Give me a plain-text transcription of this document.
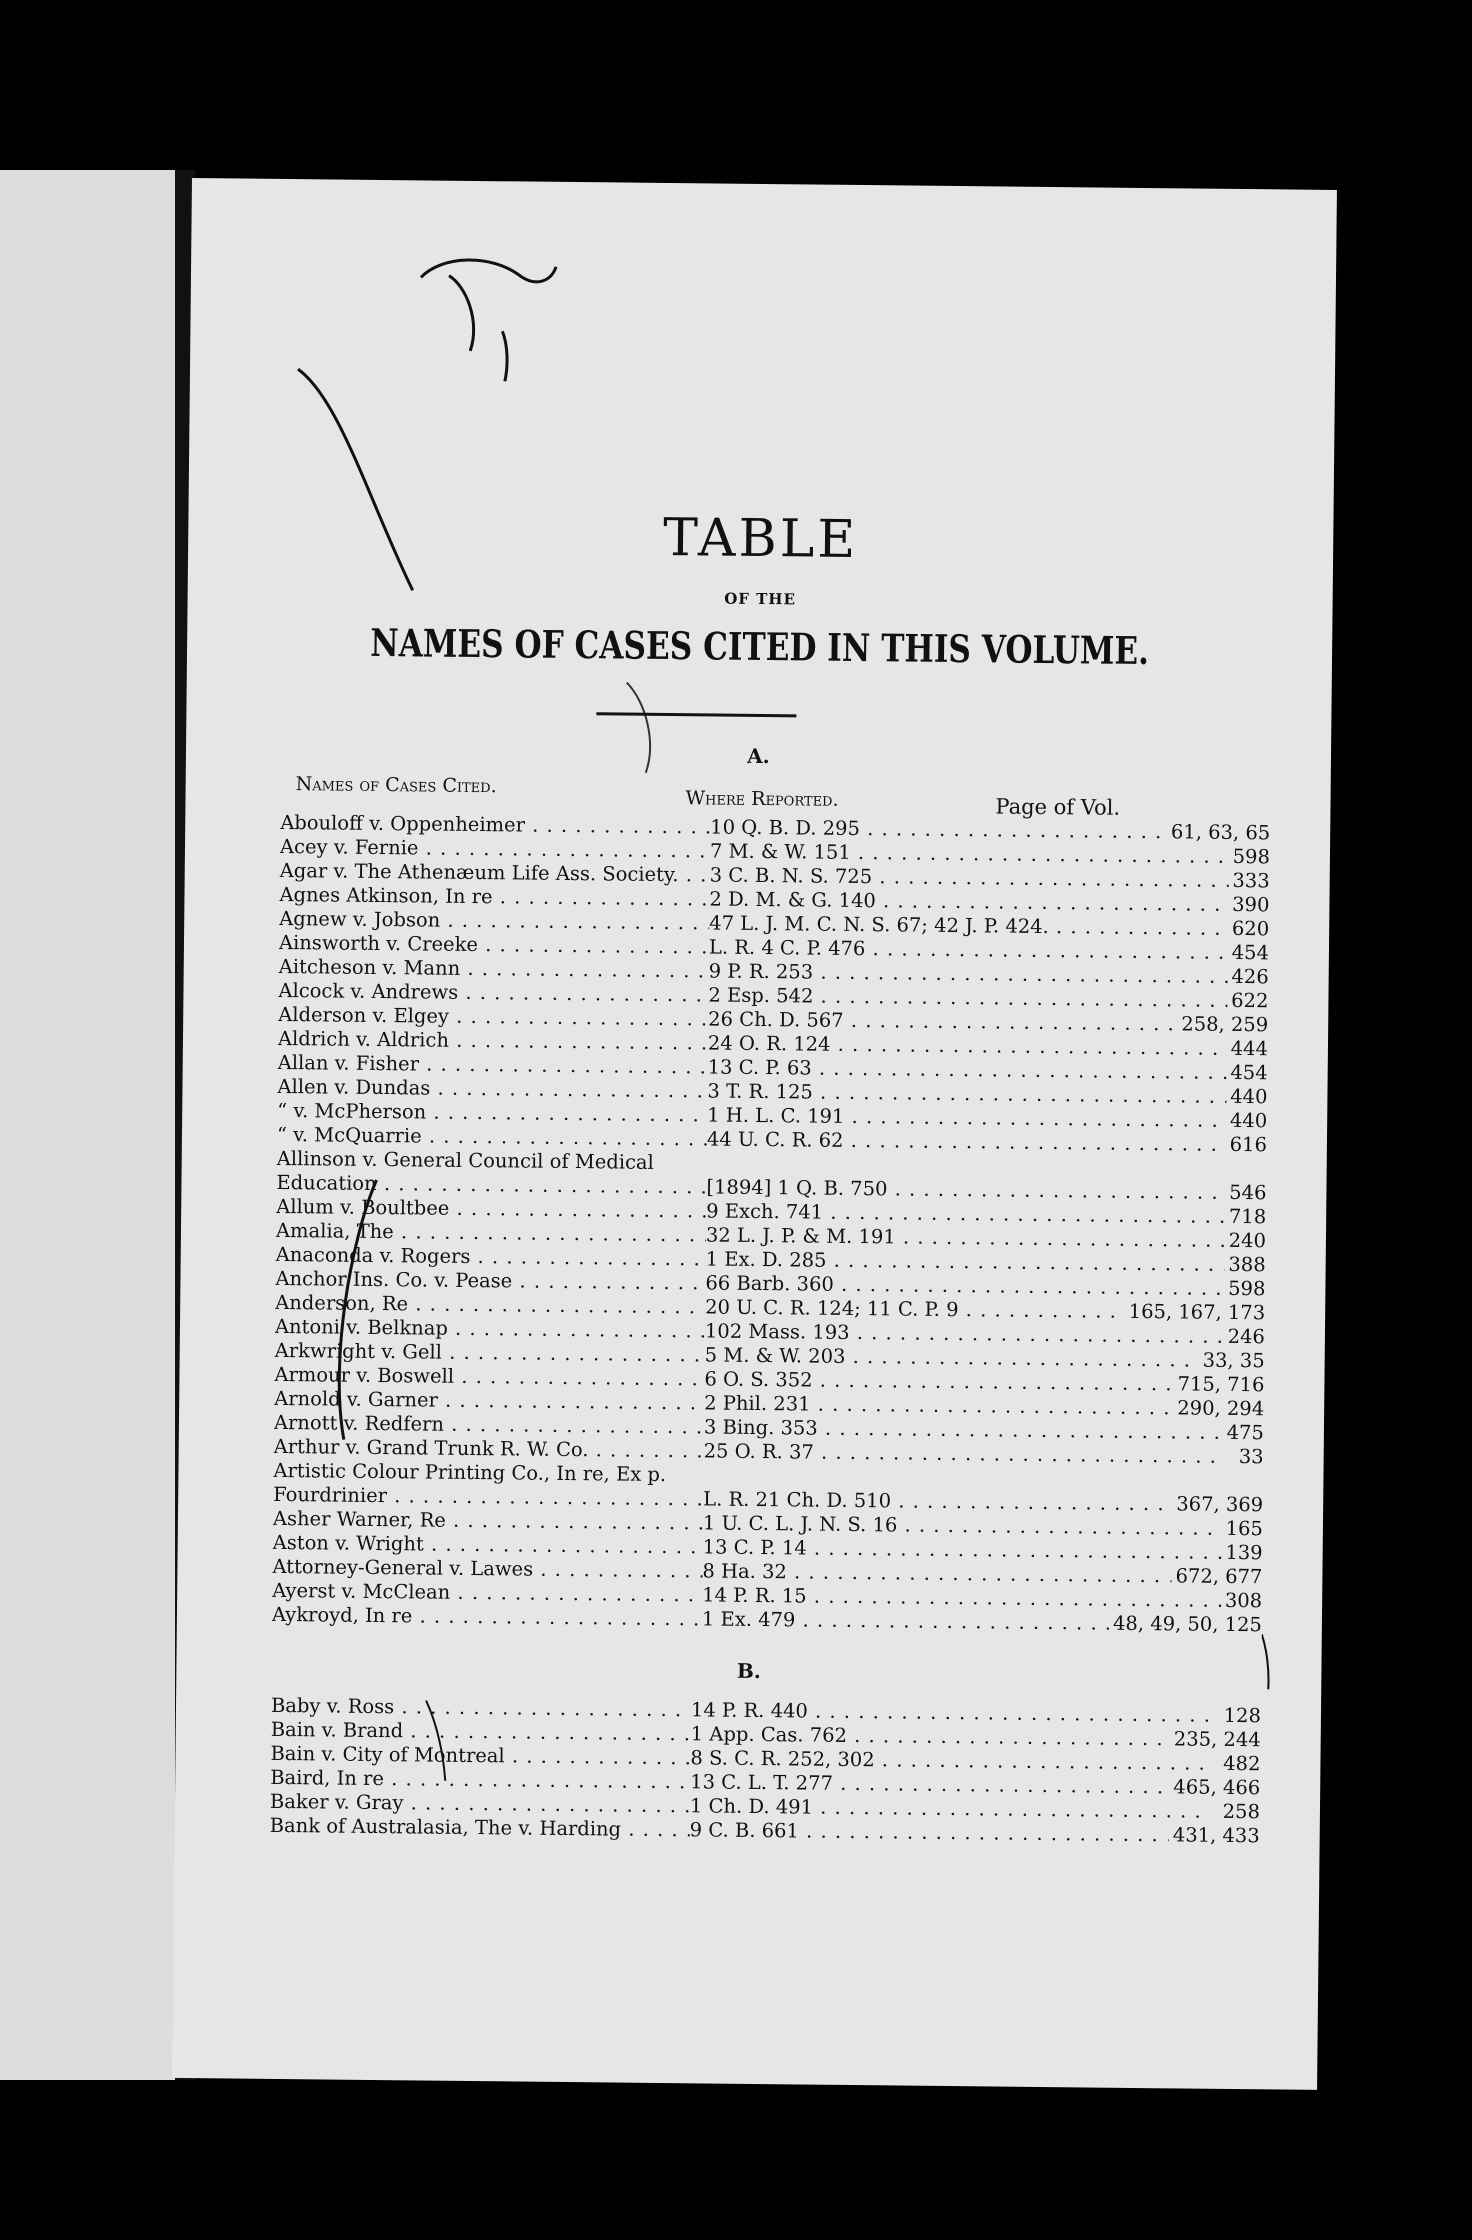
TABLE
OF THE
NAMES OF CASES CITED IN THIS VOLUME.
A.
Names of Cases Cited.
Where Reported.	Page of Vol.
Abouloff v. Oppenheimer . . .	10 Q. B. D. 295 . . .	61, 63, 65
Acey v. Fernie . . .	7 M. & W. 151 . . .	598
Agar v. The Athenæum Life Ass. Society. . . .	3 C. B. N. S. 725 . . .	333
Agnes Atkinson, In re . . .	2 D. M. & G. 140 . . .	390
Agnew v. Jobson . . .	47 L. J. M. C. N. S. 67; 42 J. P. 424. . . .	620
Ainsworth v. Creeke . . .	L. R. 4 C. P. 476 . . .	454
Aitcheson v. Mann . . .	9 P. R. 253 . . .	426
Alcock v. Andrews . . .	2 Esp. 542 . . .	622
Alderson v. Elgey . . .	26 Ch. D. 567 . . .	258, 259
Aldrich v. Aldrich . . .	24 O. R. 124 . . .	444
Allan v. Fisher . . .	13 C. P. 63 . . .	454
Allen v. Dundas . . .	3 T. R. 125 . . .	440
“ v. McPherson . . .	1 H. L. C. 191 . . .	440
“ v. McQuarrie . . .	44 U. C. R. 62 . . .	616
Allinson v. General Council of Medical
Education . . .	[1894] 1 Q. B. 750 . . .	546
Allum v. Boultbee . . .	9 Exch. 741 . . .	718
Amalia, The . . .	32 L. J. P. & M. 191 . . .	240
Anaconda v. Rogers . . .	1 Ex. D. 285 . . .	388
Anchor Ins. Co. v. Pease . . .	66 Barb. 360 . . .	598
Anderson, Re . . .	20 U. C. R. 124; 11 C. P. 9 . . .	165, 167, 173
Antoni v. Belknap . . .	102 Mass. 193 . . .	246
Arkwright v. Gell . . .	5 M. & W. 203 . . .	33, 35
Armour v. Boswell . . .	6 O. S. 352 . . .	715, 716
Arnold v. Garner . . .	2 Phil. 231 . . .	290, 294
Arnott v. Redfern . . .	3 Bing. 353 . . .	475
Arthur v. Grand Trunk R. W. Co. . . .	25 O. R. 37 . . .	33
Artistic Colour Printing Co., In re, Ex p.
Fourdrinier . . .	L. R. 21 Ch. D. 510 . . .	367, 369
Asher Warner, Re . . .	1 U. C. L. J. N. S. 16 . . .	165
Aston v. Wright . . .	13 C. P. 14 . . .	139
Attorney-General v. Lawes . . .	8 Ha. 32 . . .	672, 677
Ayerst v. McClean . . .	14 P. R. 15 . . .	308
Aykroyd, In re . . .	1 Ex. 479 . . .	48, 49, 50, 125
B.
Baby v. Ross . . .	14 P. R. 440 . . .	128
Bain v. Brand . . .	1 App. Cas. 762 . . .	235, 244
Bain v. City of Montreal . . .	8 S. C. R. 252, 302 . . .	482
Baird, In re . . .	13 C. L. T. 277 . . .	465, 466
Baker v. Gray . . .	1 Ch. D. 491 . . .	258
Bank of Australasia, The v. Harding . . .	9 C. B. 661 . . .	431, 433
